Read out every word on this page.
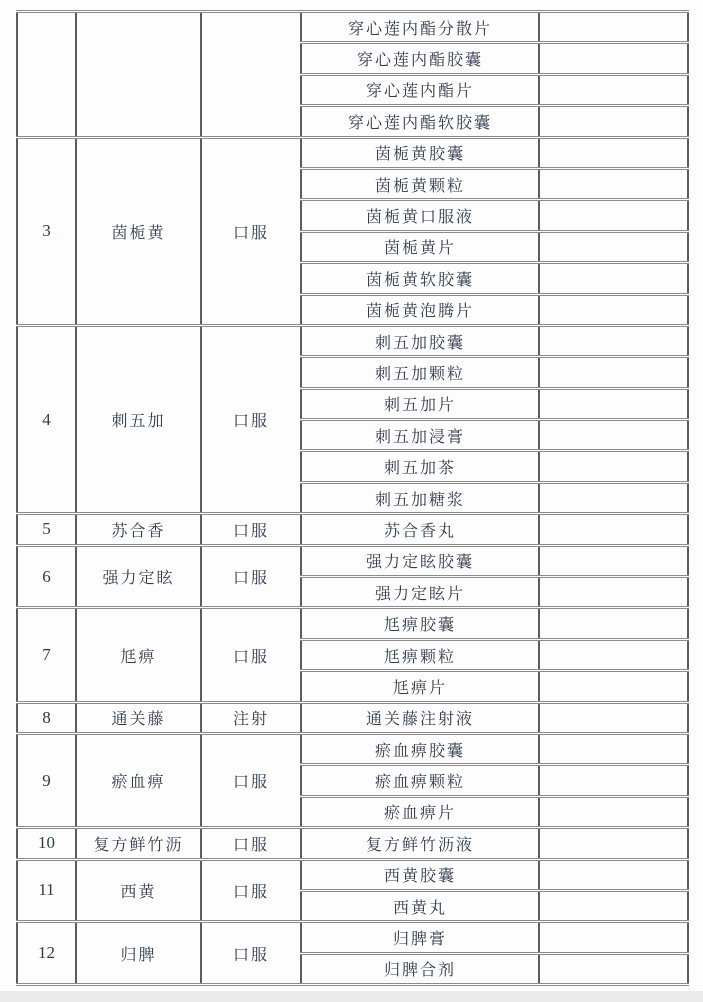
			穿心莲内酯分散片	
			穿心莲内酯胶囊	
			穿心莲内酯片	
			穿心莲内酯软胶囊	
3	茵栀黄	口服	茵栀黄胶囊	
			茵栀黄颗粒	
			茵栀黄口服液	
			茵栀黄片	
			茵栀黄软胶囊	
			茵栀黄泡腾片	
4	刺五加	口服	刺五加胶囊	
			刺五加颗粒	
			刺五加片	
			刺五加浸膏	
			刺五加茶	
			刺五加糖浆	
5	苏合香	口服	苏合香丸	
6	强力定眩	口服	强力定眩胶囊	
			强力定眩片	
7	尪痹	口服	尪痹胶囊	
			尪痹颗粒	
			尪痹片	
8	通关藤	注射	通关藤注射液	
9	瘀血痹	口服	瘀血痹胶囊	
			瘀血痹颗粒	
			瘀血痹片	
10	复方鲜竹沥	口服	复方鲜竹沥液	
11	西黄	口服	西黄胶囊	
			西黄丸	
12	归脾	口服	归脾膏	
			归脾合剂	
